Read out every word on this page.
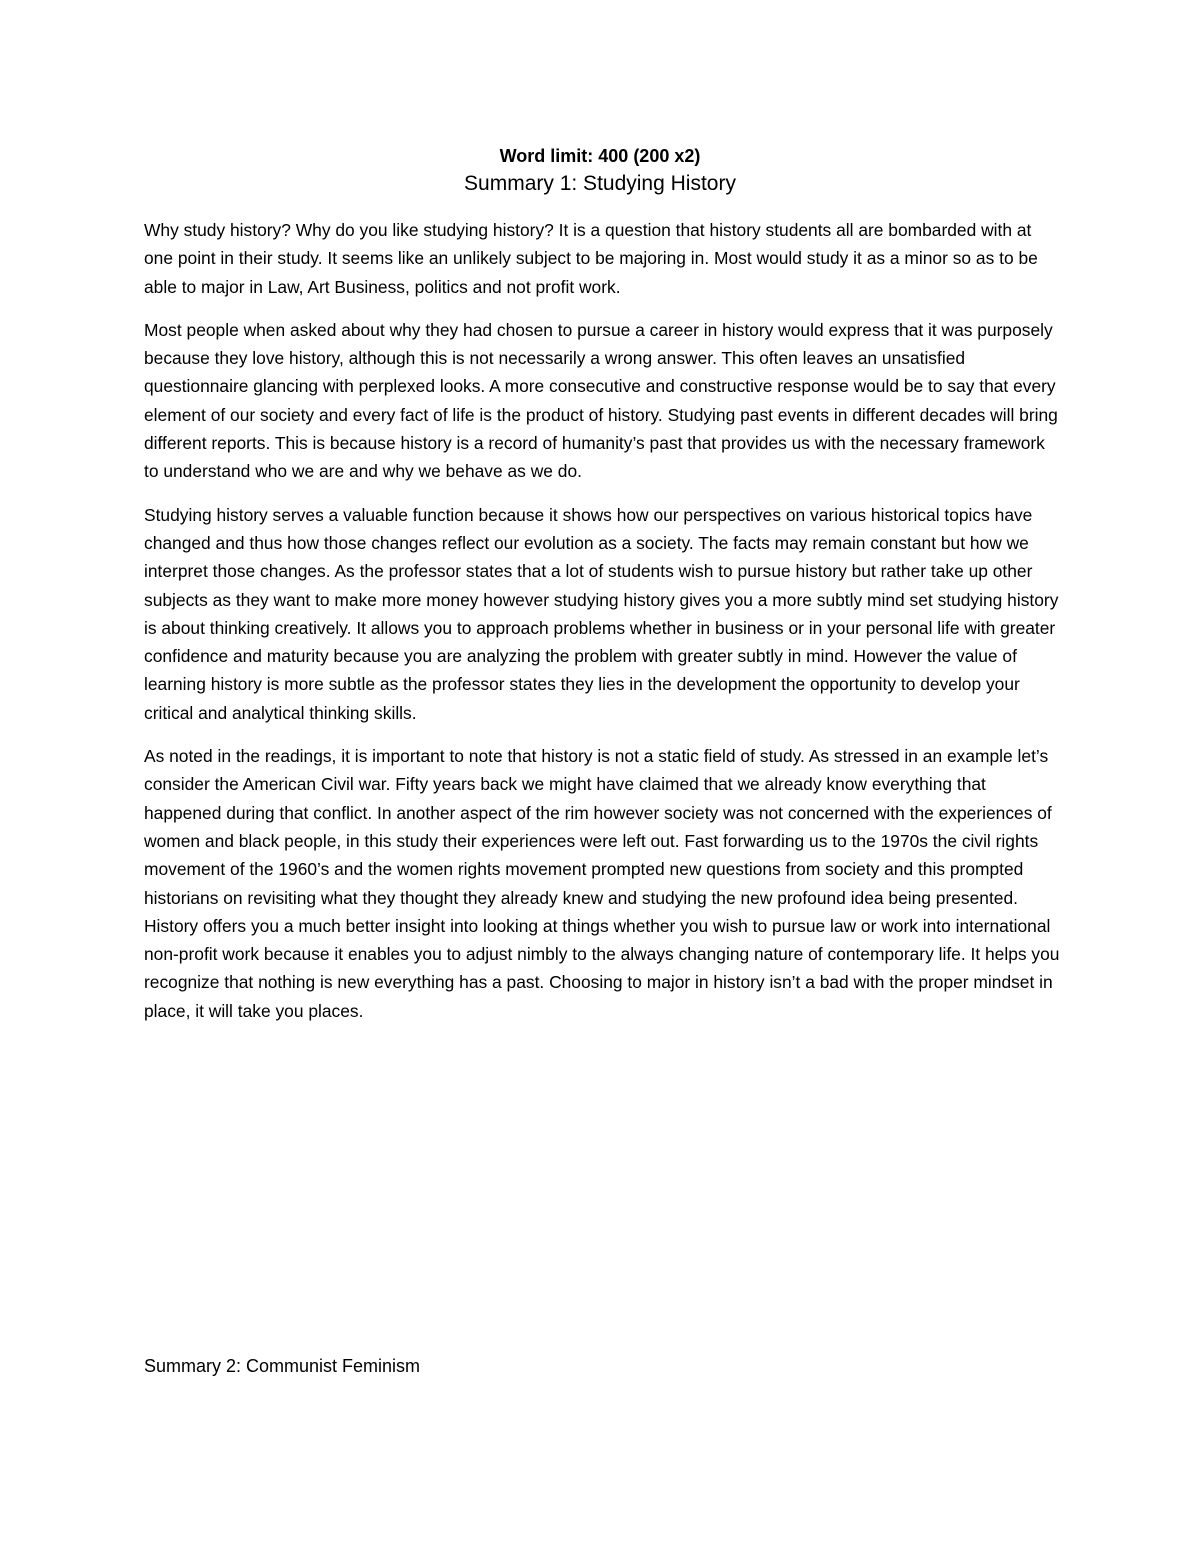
Word limit: 400 (200 x2)
Summary 1: Studying History

Why study history? Why do you like studying history? It is a question that history students all are bombarded with at one point in their study. It seems like an unlikely subject to be majoring in. Most would study it as a minor so as to be able to major in Law, Art Business, politics and not profit work.

Most people when asked about why they had chosen to pursue a career in history would express that it was purposely because they love history, although this is not necessarily a wrong answer. This often leaves an unsatisfied questionnaire glancing with perplexed looks. A more consecutive and constructive response would be to say that every element of our society and every fact of life is the product of history. Studying past events in different decades will bring different reports. This is because history is a record of humanity’s past that provides us with the necessary framework to understand who we are and why we behave as we do.

Studying history serves a valuable function because it shows how our perspectives on various historical topics have changed and thus how those changes reflect our evolution as a society. The facts may remain constant but how we interpret those changes. As the professor states that a lot of students wish to pursue history but rather take up other subjects as they want to make more money however studying history gives you a more subtly mind set studying history is about thinking creatively. It allows you to approach problems whether in business or in your personal life with greater confidence and maturity because you are analyzing the problem with greater subtly in mind. However the value of learning history is more subtle as the professor states they lies in the development the opportunity to develop your critical and analytical thinking skills.

As noted in the readings, it is important to note that history is not a static field of study. As stressed in an example let’s consider the American Civil war. Fifty years back we might have claimed that we already know everything that happened during that conflict. In another aspect of the rim however society was not concerned with the experiences of women and black people, in this study their experiences were left out. Fast forwarding us to the 1970s the civil rights movement of the 1960’s and the women rights movement prompted new questions from society and this prompted historians on revisiting what they thought they already knew and studying the new profound idea being presented. History offers you a much better insight into looking at things whether you wish to pursue law or work into international non-profit work because it enables you to adjust nimbly to the always changing nature of contemporary life. It helps you recognize that nothing is new everything has a past. Choosing to major in history isn’t a bad with the proper mindset in place, it will take you places.

Summary 2: Communist Feminism
